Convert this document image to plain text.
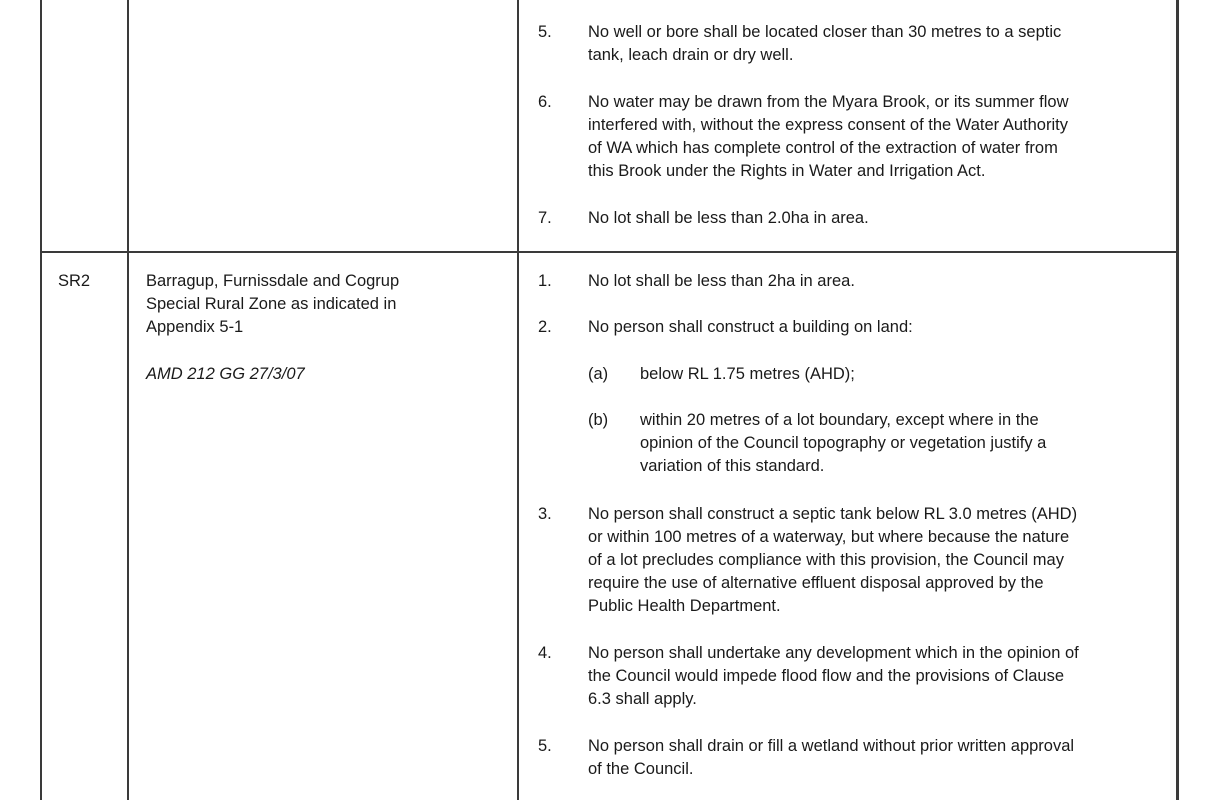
5. No well or bore shall be located closer than 30 metres to a septic
tank, leach drain or dry well.
6. No water may be drawn from the Myara Brook, or its summer flow
interfered with, without the express consent of the Water Authority
of WA which has complete control of the extraction of water from
this Brook under the Rights in Water and Irrigation Act.
7. No lot shall be less than 2.0ha in area.
SR2	Barragup, Furnissdale and Cogrup
Special Rural Zone as indicated in
Appendix 5-1
AMD 212 GG 27/3/07
1. No lot shall be less than 2ha in area.
2. No person shall construct a building on land:
(a) below RL 1.75 metres (AHD);
(b) within 20 metres of a lot boundary, except where in the
opinion of the Council topography or vegetation justify a
variation of this standard.
3. No person shall construct a septic tank below RL 3.0 metres (AHD)
or within 100 metres of a waterway, but where because the nature
of a lot precludes compliance with this provision, the Council may
require the use of alternative effluent disposal approved by the
Public Health Department.
4. No person shall undertake any development which in the opinion of
the Council would impede flood flow and the provisions of Clause
6.3 shall apply.
5. No person shall drain or fill a wetland without prior written approval
of the Council.
